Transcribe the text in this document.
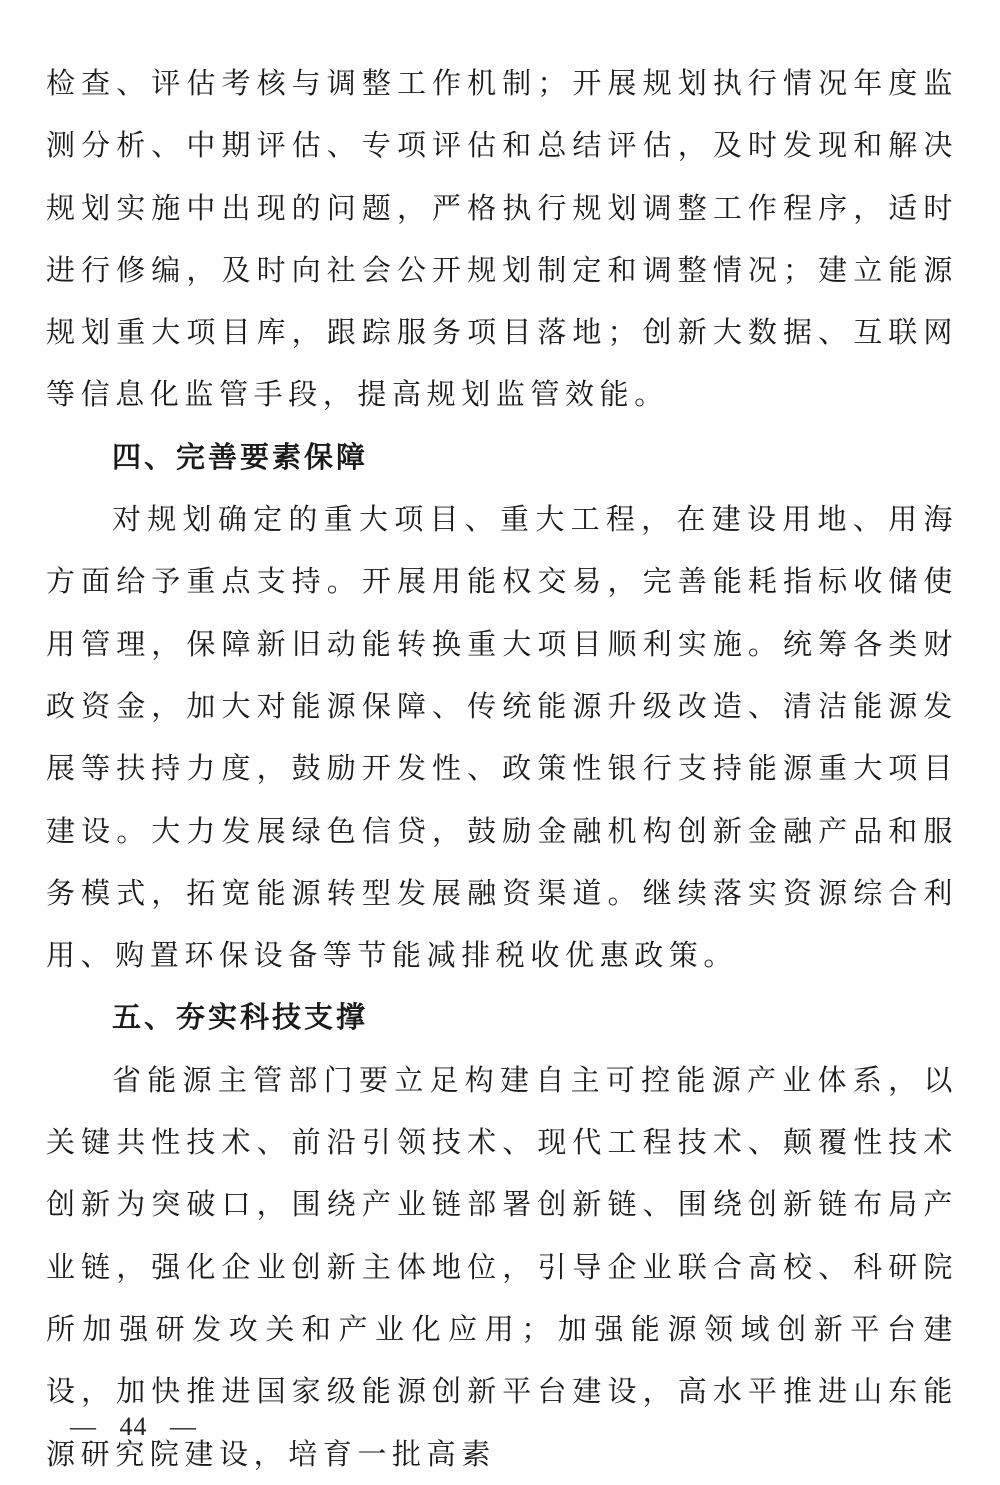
检查、评估考核与调整工作机制；开展规划执行情况年度监测分析、中期评估、专项评估和总结评估，及时发现和解决规划实施中出现的问题，严格执行规划调整工作程序，适时进行修编，及时向社会公开规划制定和调整情况；建立能源规划重大项目库，跟踪服务项目落地；创新大数据、互联网等信息化监管手段，提高规划监管效能。

四、完善要素保障

对规划确定的重大项目、重大工程，在建设用地、用海方面给予重点支持。开展用能权交易，完善能耗指标收储使用管理，保障新旧动能转换重大项目顺利实施。统筹各类财政资金，加大对能源保障、传统能源升级改造、清洁能源发展等扶持力度，鼓励开发性、政策性银行支持能源重大项目建设。大力发展绿色信贷，鼓励金融机构创新金融产品和服务模式，拓宽能源转型发展融资渠道。继续落实资源综合利用、购置环保设备等节能减排税收优惠政策。

五、夯实科技支撑

省能源主管部门要立足构建自主可控能源产业体系，以关键共性技术、前沿引领技术、现代工程技术、颠覆性技术创新为突破口，围绕产业链部署创新链、围绕创新链布局产业链，强化企业创新主体地位，引导企业联合高校、科研院所加强研发攻关和产业化应用；加强能源领域创新平台建设，加快推进国家级能源创新平台建设，高水平推进山东能源研究院建设，培育一批高素

— 44 —
